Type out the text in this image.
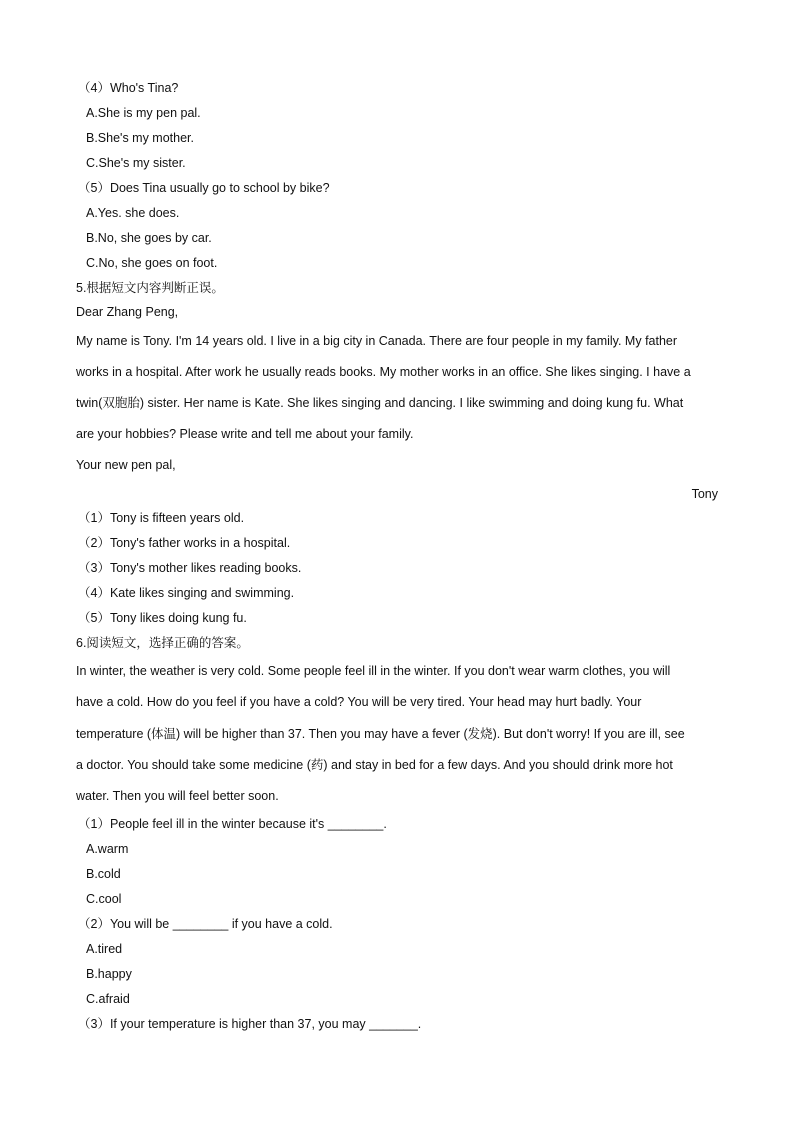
（4）Who's Tina?
A.She is my pen pal.
B.She's my mother.
C.She's my sister.
（5）Does Tina usually go to school by bike?
A.Yes. she does.
B.No, she goes by car.
C.No, she goes on foot.
5.根据短文内容判断正误。
Dear Zhang Peng,
My name is Tony. I'm 14 years old. I live in a big city in Canada. There are four people in my family. My father
works in a hospital. After work he usually reads books. My mother works in an office. She likes singing. I have a
twin(双胞胎) sister. Her name is Kate. She likes singing and dancing. I like swimming and doing kung fu. What
are your hobbies? Please write and tell me about your family.
Your new pen pal,
Tony
（1）Tony is fifteen years old.
（2）Tony's father works in a hospital.
（3）Tony's mother likes reading books.
（4）Kate likes singing and swimming.
（5）Tony likes doing kung fu.
6.阅读短文，选择正确的答案。
In winter, the weather is very cold. Some people feel ill in the winter. If you don't wear warm clothes, you will
have a cold. How do you feel if you have a cold? You will be very tired. Your head may hurt badly. Your
temperature (体温) will be higher than 37. Then you may have a fever (发烧). But don't worry! If you are ill, see
a doctor. You should take some medicine (药) and stay in bed for a few days. And you should drink more hot
water. Then you will feel better soon.
（1）People feel ill in the winter because it's ________.
A.warm
B.cold
C.cool
（2）You will be ________ if you have a cold.
A.tired
B.happy
C.afraid
（3）If your temperature is higher than 37, you may _______.
